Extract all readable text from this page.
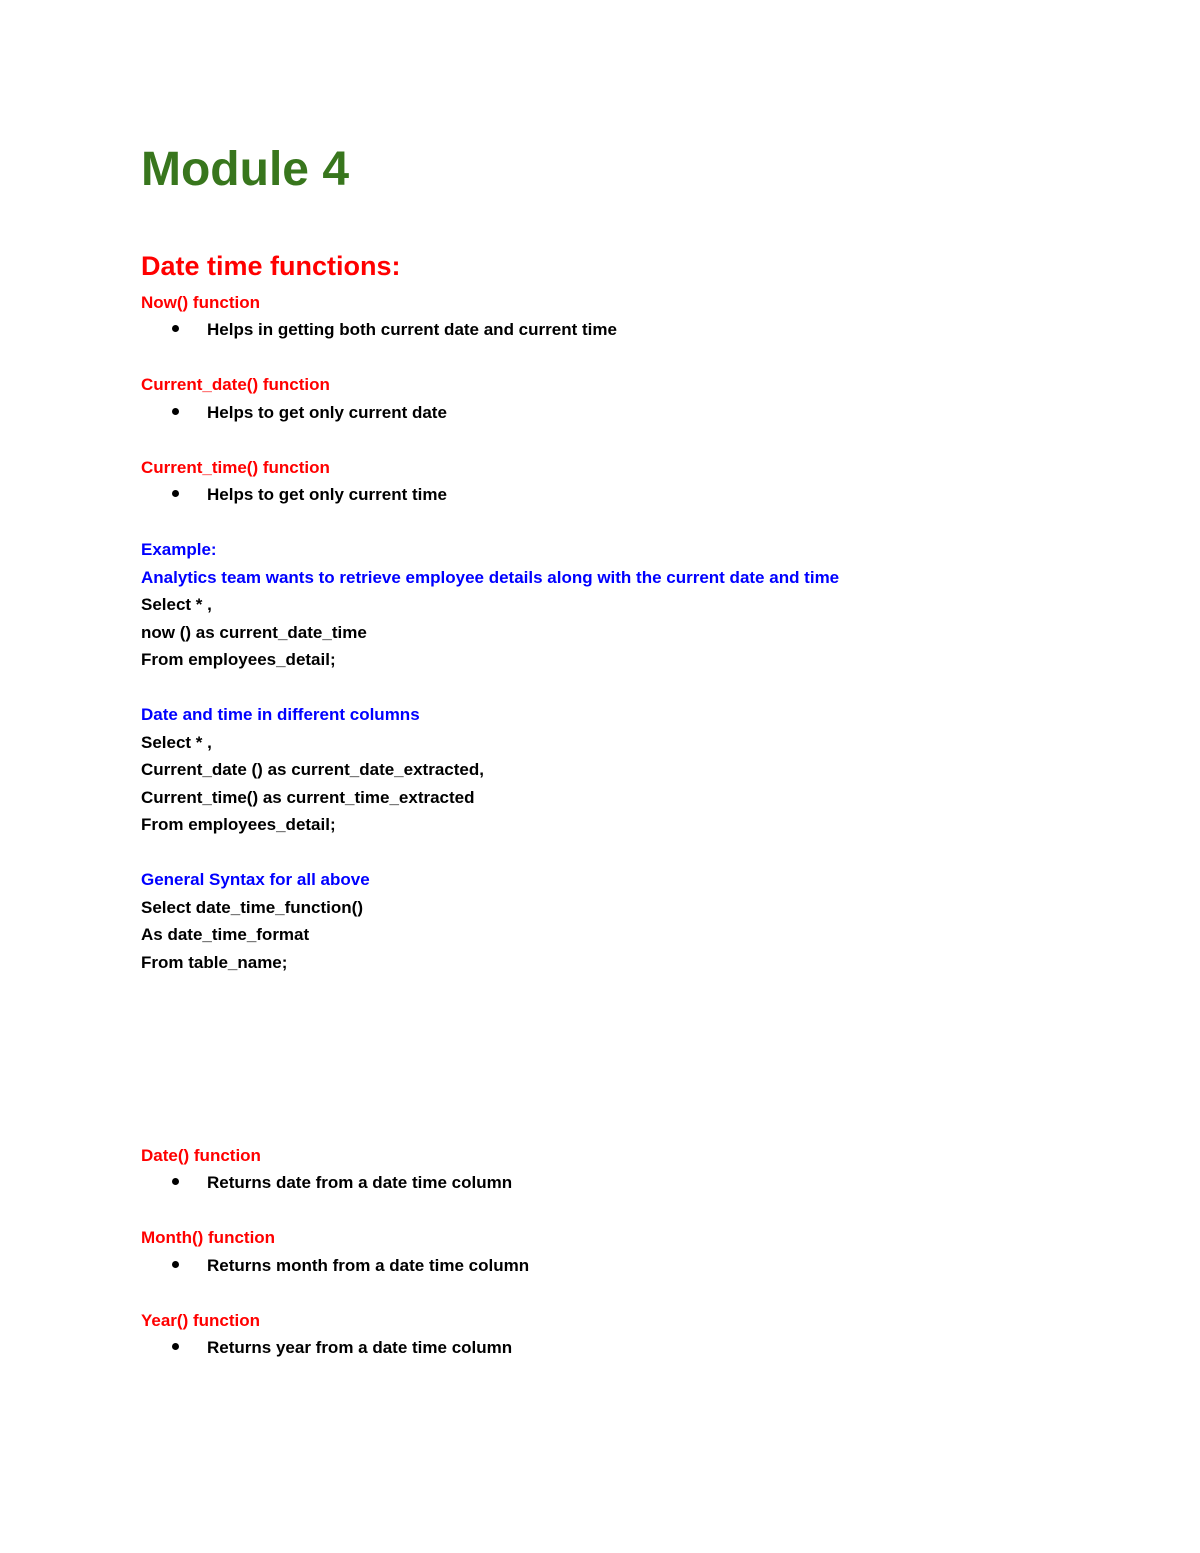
Module 4
Date time functions:
Now() function
Helps in getting both current date and current time
Current_date() function
Helps to get only current date
Current_time() function
Helps to get only current time
Example:
Analytics team wants to retrieve employee details along with the current date and time
Select * ,
now () as current_date_time
From employees_detail;
Date and time in different columns
Select * ,
Current_date () as current_date_extracted,
Current_time() as current_time_extracted
From employees_detail;
General Syntax for all above
Select date_time_function()
As date_time_format
From table_name;
Date() function
Returns date from a date time column
Month() function
Returns month from a date time column
Year() function
Returns year from a date time column
